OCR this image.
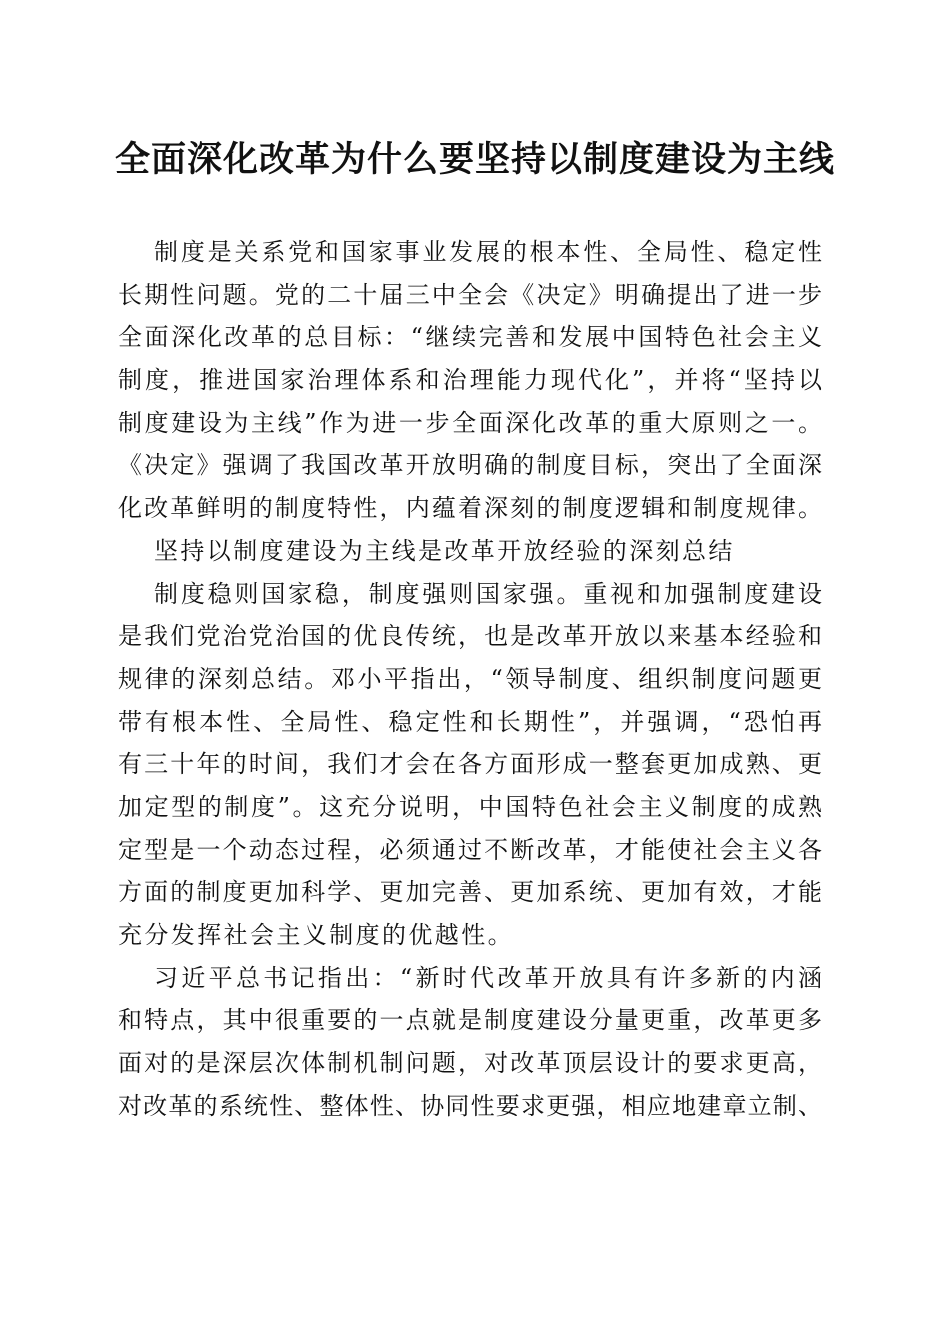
全面深化改革为什么要坚持以制度建设为主线
制度是关系党和国家事业发展的根本性、全局性、稳定性
长期性问题。党的二十届三中全会《决定》明确提出了进一步
全面深化改革的总目标：“继续完善和发展中国特色社会主义
制度，推进国家治理体系和治理能力现代化”，并将“坚持以
制度建设为主线”作为进一步全面深化改革的重大原则之一。
《决定》强调了我国改革开放明确的制度目标，突出了全面深
化改革鲜明的制度特性，内蕴着深刻的制度逻辑和制度规律。
坚持以制度建设为主线是改革开放经验的深刻总结
制度稳则国家稳，制度强则国家强。重视和加强制度建设
是我们党治党治国的优良传统，也是改革开放以来基本经验和
规律的深刻总结。邓小平指出，“领导制度、组织制度问题更
带有根本性、全局性、稳定性和长期性”，并强调，“恐怕再
有三十年的时间，我们才会在各方面形成一整套更加成熟、更
加定型的制度”。这充分说明，中国特色社会主义制度的成熟
定型是一个动态过程，必须通过不断改革，才能使社会主义各
方面的制度更加科学、更加完善、更加系统、更加有效，才能
充分发挥社会主义制度的优越性。
习近平总书记指出：“新时代改革开放具有许多新的内涵
和特点，其中很重要的一点就是制度建设分量更重，改革更多
面对的是深层次体制机制问题，对改革顶层设计的要求更高，
对改革的系统性、整体性、协同性要求更强，相应地建章立制、
